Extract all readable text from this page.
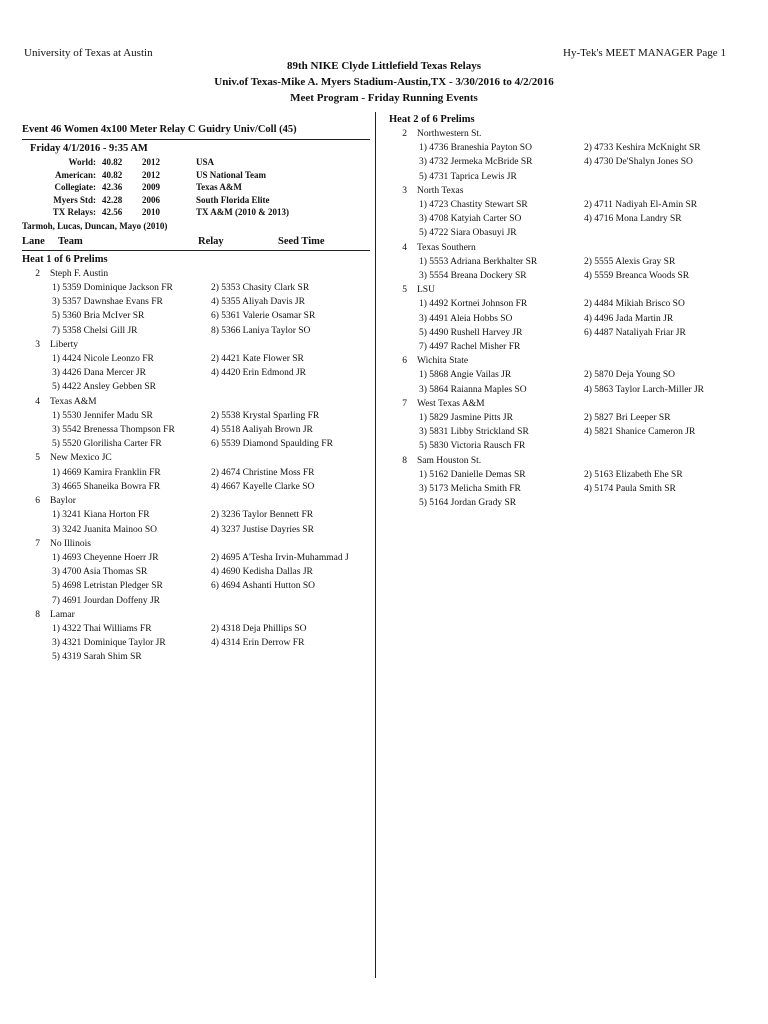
University of Texas at Austin	Hy-Tek's MEET MANAGER Page 1
89th NIKE Clyde Littlefield Texas Relays
Univ.of Texas-Mike A. Myers Stadium-Austin,TX - 3/30/2016 to 4/2/2016
Meet Program - Friday Running Events
Event 46 Women 4x100 Meter Relay C Guidry Univ/Coll (45)
Friday 4/1/2016 - 9:35 AM
World:	40.82	2012	USA
American:	40.82	2012	US National Team
Collegiate:	42.36	2009	Texas A&M
Myers Std:	42.28	2006	South Florida Elite
TX Relays:	42.56	2010	TX A&M (2010 & 2013)
Tarmoh, Lucas, Duncan, Mayo (2010)
Lane	Team	Relay	Seed Time
Heat 1 of 6 Prelims
2	Steph F. Austin
1) 5359 Dominique Jackson FR	2) 5353 Chasity Clark SR
3) 5357 Dawnshae Evans FR	4) 5355 Aliyah Davis JR
5) 5360 Bria McIver SR	6) 5361 Valerie Osamar SR
7) 5358 Chelsi Gill JR	8) 5366 Laniya Taylor SO
3	Liberty
1) 4424 Nicole Leonzo FR	2) 4421 Kate Flower SR
3) 4426 Dana Mercer JR	4) 4420 Erin Edmond JR
5) 4422 Ansley Gebben SR
4	Texas A&M
1) 5530 Jennifer Madu SR	2) 5538 Krystal Sparling FR
3) 5542 Brenessa Thompson FR	4) 5518 Aaliyah Brown JR
5) 5520 Glorilisha Carter FR	6) 5539 Diamond Spaulding FR
5	New Mexico JC
1) 4669 Kamira Franklin FR	2) 4674 Christine Moss FR
3) 4665 Shaneika Bowra FR	4) 4667 Kayelle Clarke SO
6	Baylor
1) 3241 Kiana Horton FR	2) 3236 Taylor Bennett FR
3) 3242 Juanita Mainoo SO	4) 3237 Justise Dayries SR
7	No Illinois
1) 4693 Cheyenne Hoerr JR	2) 4695 A'Tesha Irvin-Muhammad J
3) 4700 Asia Thomas SR	4) 4690 Kedisha Dallas JR
5) 4698 Letristan Pledger SR	6) 4694 Ashanti Hutton SO
7) 4691 Jourdan Doffeny JR
8	Lamar
1) 4322 Thai Williams FR	2) 4318 Deja Phillips SO
3) 4321 Dominique Taylor JR	4) 4314 Erin Derrow FR
5) 4319 Sarah Shim SR
Heat 2 of 6 Prelims
2	Northwestern St.
1) 4736 Braneshia Payton SO	2) 4733 Keshira McKnight SR
3) 4732 Jermeka McBride SR	4) 4730 De'Shalyn Jones SO
5) 4731 Taprica Lewis JR
3	North Texas
1) 4723 Chastity Stewart SR	2) 4711 Nadiyah El-Amin SR
3) 4708 Katyiah Carter SO	4) 4716 Mona Landry SR
5) 4722 Siara Obasuyi JR
4	Texas Southern
1) 5553 Adriana Berkhalter SR	2) 5555 Alexis Gray SR
3) 5554 Breana Dockery SR	4) 5559 Breanca Woods SR
5	LSU
1) 4492 Kortnei Johnson FR	2) 4484 Mikiah Brisco SO
3) 4491 Aleia Hobbs SO	4) 4496 Jada Martin JR
5) 4490 Rushell Harvey JR	6) 4487 Nataliyah Friar JR
7) 4497 Rachel Misher FR
6	Wichita State
1) 5868 Angie Vailas JR	2) 5870 Deja Young SO
3) 5864 Raianna Maples SO	4) 5863 Taylor Larch-Miller JR
7	West Texas A&M
1) 5829 Jasmine Pitts JR	2) 5827 Bri Leeper SR
3) 5831 Libby Strickland SR	4) 5821 Shanice Cameron JR
5) 5830 Victoria Rausch FR
8	Sam Houston St.
1) 5162 Danielle Demas SR	2) 5163 Elizabeth Ehe SR
3) 5173 Melicha Smith FR	4) 5174 Paula Smith SR
5) 5164 Jordan Grady SR
